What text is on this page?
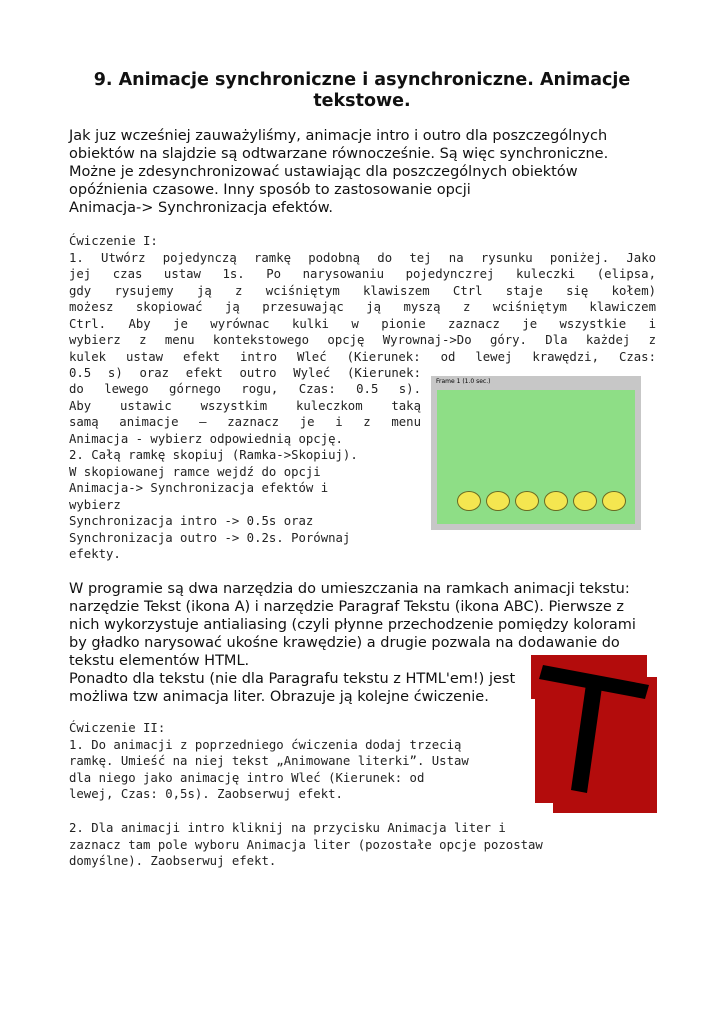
9. Animacje synchroniczne i asynchroniczne. Animacje
tekstowe.
Jak juz wcześniej zauważyliśmy, animacje intro i outro dla poszczególnych
obiektów na slajdzie są odtwarzane równocześnie. Są więc synchroniczne.
Możne je zdesynchronizować ustawiając dla poszczególnych obiektów
opóźnienia czasowe. Inny sposób to zastosowanie opcji
Animacja-> Synchronizacja efektów.
Ćwiczenie I:
1. Utwórz pojedynczą ramkę podobną do tej na rysunku poniżej. Jako
jej czas ustaw 1s. Po narysowaniu pojedynczrej kuleczki (elipsa,
gdy rysujemy ją z wciśniętym klawiszem Ctrl staje się kołem)
możesz skopiować ją przesuwając ją myszą z wciśniętym klawiczem
Ctrl. Aby je wyrównac kulki w pionie zaznacz je wszystkie i
wybierz z menu kontekstowego opcję Wyrownaj->Do góry. Dla każdej z
kulek ustaw efekt intro Wleć (Kierunek: od lewej krawędzi, Czas:
0.5 s) oraz efekt outro Wyleć (Kierunek:
do lewego górnego rogu, Czas: 0.5 s).
Aby ustawic wszystkim kuleczkom taką
samą animacje – zaznacz je i z menu
Animacja - wybierz odpowiednią opcję.
2. Całą ramkę skopiuj (Ramka->Skopiuj).
W skopiowanej ramce wejdź do opcji
Animacja-> Synchronizacja efektów i
wybierz
Synchronizacja intro -> 0.5s oraz
Synchronizacja outro -> 0.2s. Porównaj
efekty.
Frame 1 (1.0 sec.)
W programie są dwa narzędzia do umieszczania na ramkach animacji tekstu:
narzędzie Tekst (ikona A) i narzędzie Paragraf Tekstu (ikona ABC). Pierwsze z
nich wykorzystuje antialiasing (czyli płynne przechodzenie pomiędzy kolorami
by gładko narysować ukośne krawędzie) a drugie pozwala na dodawanie do
tekstu elementów HTML.
Ponadto dla tekstu (nie dla Paragrafu tekstu z HTML'em!) jest
możliwa tzw animacja liter. Obrazuje ją kolejne ćwiczenie.
Ćwiczenie II:
1. Do animacji z poprzedniego ćwiczenia dodaj trzecią
ramkę. Umieść na niej tekst „Animowane literki”. Ustaw
dla niego jako animację intro Wleć (Kierunek: od
lewej, Czas: 0,5s). Zaobserwuj efekt.
2. Dla animacji intro kliknij na przycisku Animacja liter i
zaznacz tam pole wyboru Animacja liter (pozostałe opcje pozostaw
domyślne). Zaobserwuj efekt.
